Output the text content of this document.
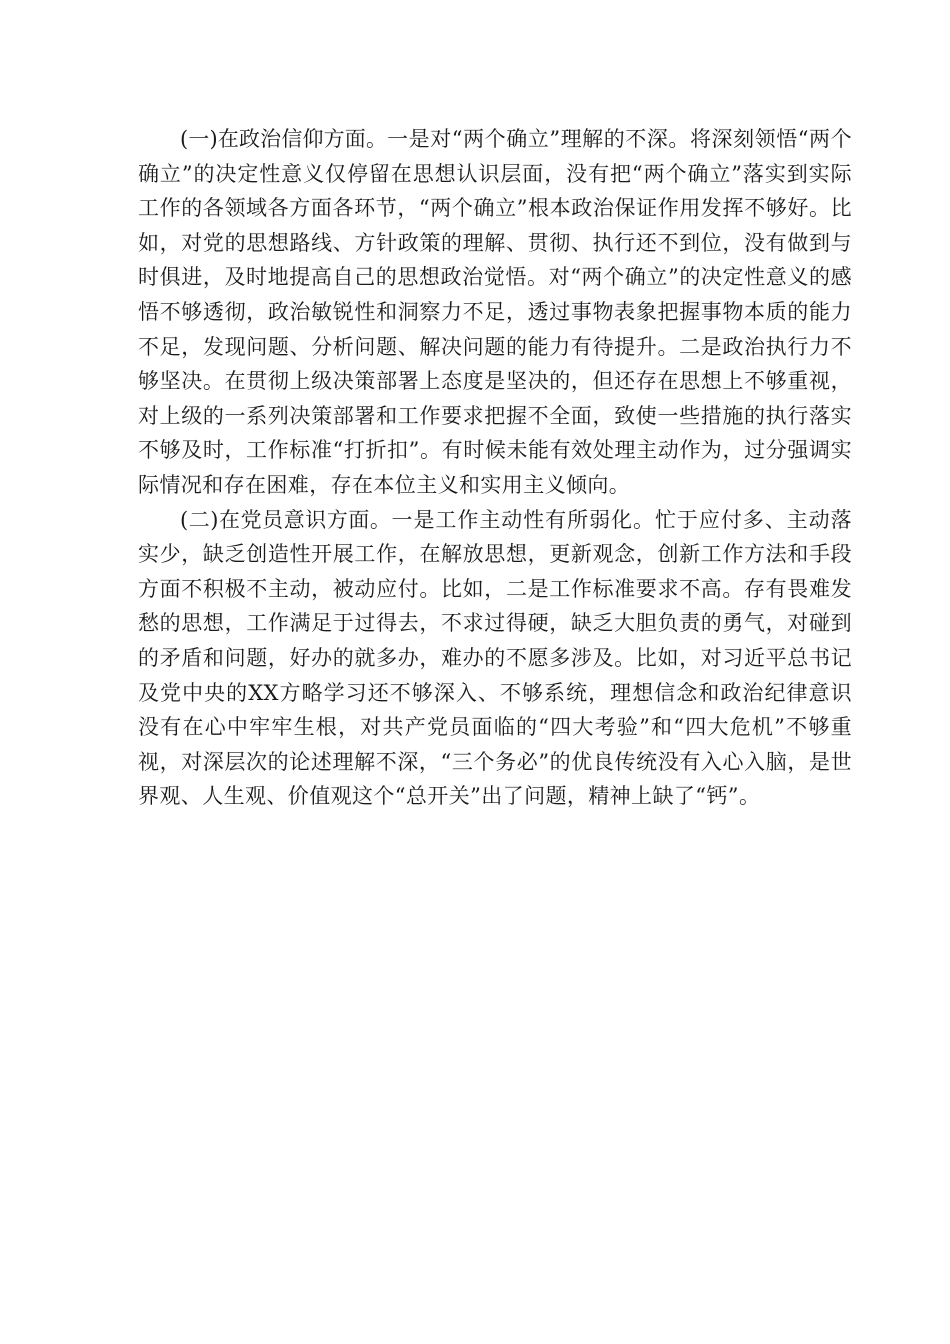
(一)在政治信仰方面。一是对“两个确立”理解的不深。将深刻领悟“两个确立”的决定性意义仅停留在思想认识层面，没有把“两个确立”落实到实际工作的各领域各方面各环节，“两个确立”根本政治保证作用发挥不够好。比如，对党的思想路线、方针政策的理解、贯彻、执行还不到位，没有做到与时俱进，及时地提高自己的思想政治觉悟。对“两个确立”的决定性意义的感悟不够透彻，政治敏锐性和洞察力不足，透过事物表象把握事物本质的能力不足，发现问题、分析问题、解决问题的能力有待提升。二是政治执行力不够坚决。在贯彻上级决策部署上态度是坚决的，但还存在思想上不够重视，对上级的一系列决策部署和工作要求把握不全面，致使一些措施的执行落实不够及时，工作标准“打折扣”。有时候未能有效处理主动作为，过分强调实际情况和存在困难，存在本位主义和实用主义倾向。

(二)在党员意识方面。一是工作主动性有所弱化。忙于应付多、主动落实少，缺乏创造性开展工作，在解放思想，更新观念，创新工作方法和手段方面不积极不主动，被动应付。比如，二是工作标准要求不高。存有畏难发愁的思想，工作满足于过得去，不求过得硬，缺乏大胆负责的勇气，对碰到的矛盾和问题，好办的就多办，难办的不愿多涉及。比如，对习近平总书记及党中央的XX方略学习还不够深入、不够系统，理想信念和政治纪律意识没有在心中牢牢生根，对共产党员面临的“四大考验”和“四大危机”不够重视，对深层次的论述理解不深，“三个务必”的优良传统没有入心入脑，是世界观、人生观、价值观这个“总开关”出了问题，精神上缺了“钙”。
